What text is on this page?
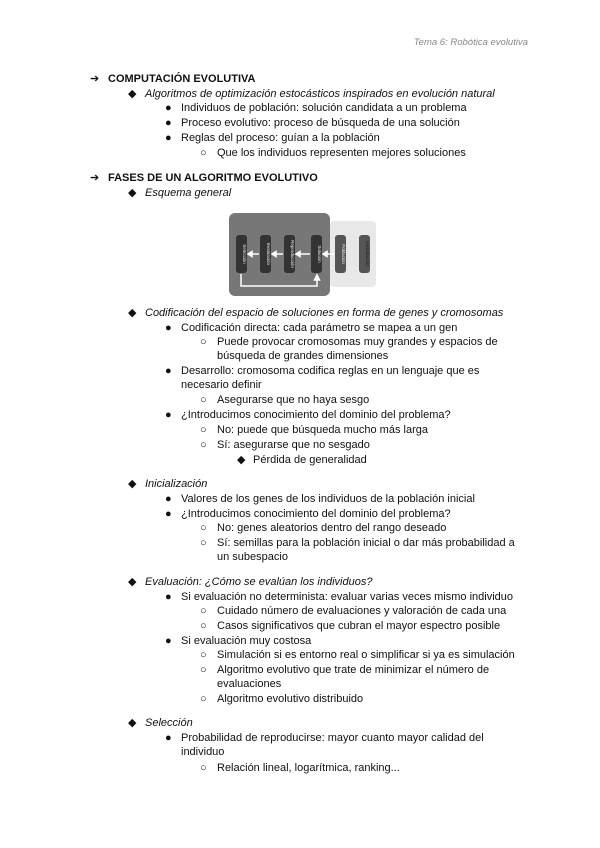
Tema 6: Robótica evolutiva
➔ COMPUTACIÓN EVOLUTIVA
◆ Algoritmos de optimización estocásticos inspirados en evolución natural
● Individuos de población: solución candidata a un problema
● Proceso evolutivo: proceso de búsqueda de una solución
● Reglas del proceso: guían a la población
○ Que los individuos representen mejores soluciones
➔ FASES DE UN ALGORITMO EVOLUTIVO
◆ Esquema general
Selección	Evaluación	Reproducción	Solución	Población	Inicialización
◆ Codificación del espacio de soluciones en forma de genes y cromosomas
● Codificación directa: cada parámetro se mapea a un gen
○ Puede provocar cromosomas muy grandes y espacios de
búsqueda de grandes dimensiones
● Desarrollo: cromosoma codifica reglas en un lenguaje que es
necesario definir
○ Asegurarse que no haya sesgo
● ¿Introducimos conocimiento del dominio del problema?
○ No: puede que búsqueda mucho más larga
○ Sí: asegurarse que no sesgado
◆ Pérdida de generalidad
◆ Inicialización
● Valores de los genes de los individuos de la población inicial
● ¿Introducimos conocimiento del dominio del problema?
○ No: genes aleatorios dentro del rango deseado
○ Sí: semillas para la población inicial o dar más probabilidad a
un subespacio
◆ Evaluación: ¿Cómo se evalúan los individuos?
● Si evaluación no determinista: evaluar varias veces mismo individuo
○ Cuidado número de evaluaciones y valoración de cada una
○ Casos significativos que cubran el mayor espectro posible
● Si evaluación muy costosa
○ Simulación si es entorno real o simplificar si ya es simulación
○ Algoritmo evolutivo que trate de minimizar el número de
evaluaciones
○ Algoritmo evolutivo distribuido
◆ Selección
● Probabilidad de reproducirse: mayor cuanto mayor calidad del
individuo
○ Relación lineal, logarítmica, ranking...
